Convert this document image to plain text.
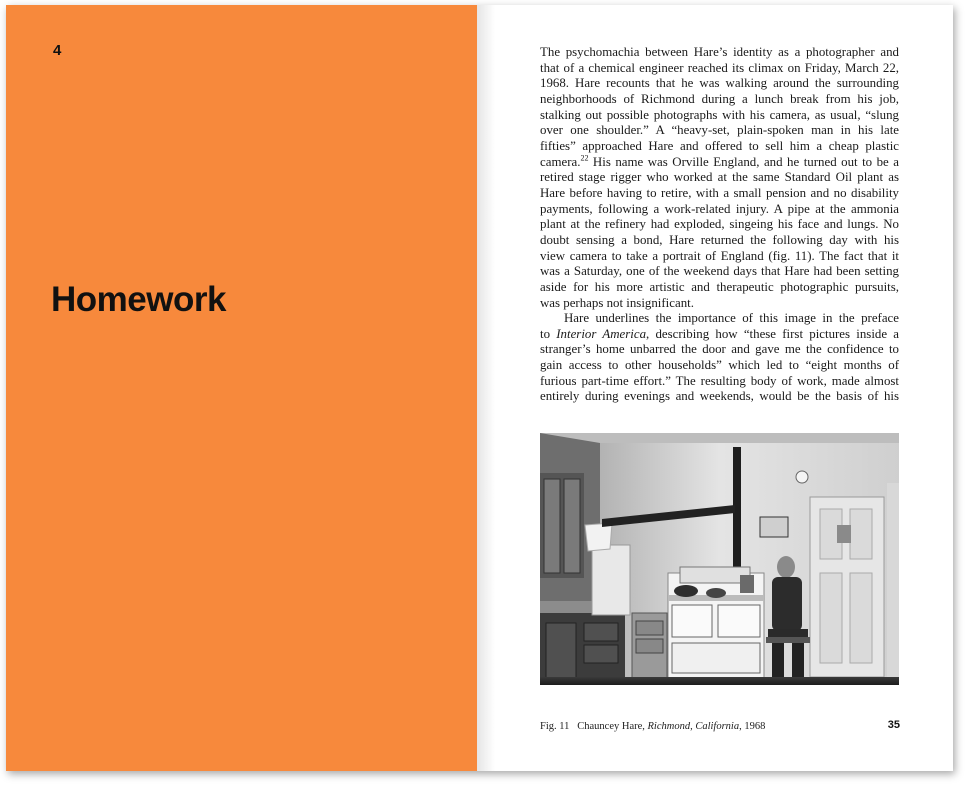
4
Homework
The psychomachia between Hare’s identity as a photographer and
that of a chemical engineer reached its climax on Friday, March 22,
1968. Hare recounts that he was walking around the surrounding
neighborhoods of Richmond during a lunch break from his job,
stalking out possible photographs with his camera, as usual, “slung
over one shoulder.” A “heavy-set, plain-spoken man in his late
fifties” approached Hare and offered to sell him a cheap plastic
camera.$^{22}$ His name was Orville England, and he turned out to be a
retired stage rigger who worked at the same Standard Oil plant as
Hare before having to retire, with a small pension and no disability
payments, following a work-related injury. A pipe at the ammonia
plant at the refinery had exploded, singeing his face and lungs. No
doubt sensing a bond, Hare returned the following day with his
view camera to take a portrait of England (fig. 11). The fact that it
was a Saturday, one of the weekend days that Hare had been setting
aside for his more artistic and therapeutic photographic pursuits,
was perhaps not insignificant.
Hare underlines the importance of this image in the preface
to Interior America, describing how “these first pictures inside a
stranger’s home unbarred the door and gave me the confidence to
gain access to other households” which led to “eight months of
furious part-time effort.” The resulting body of work, made almost
entirely during evenings and weekends, would be the basis of his
Fig. 11 Chauncey Hare, Richmond, California, 1968	35
